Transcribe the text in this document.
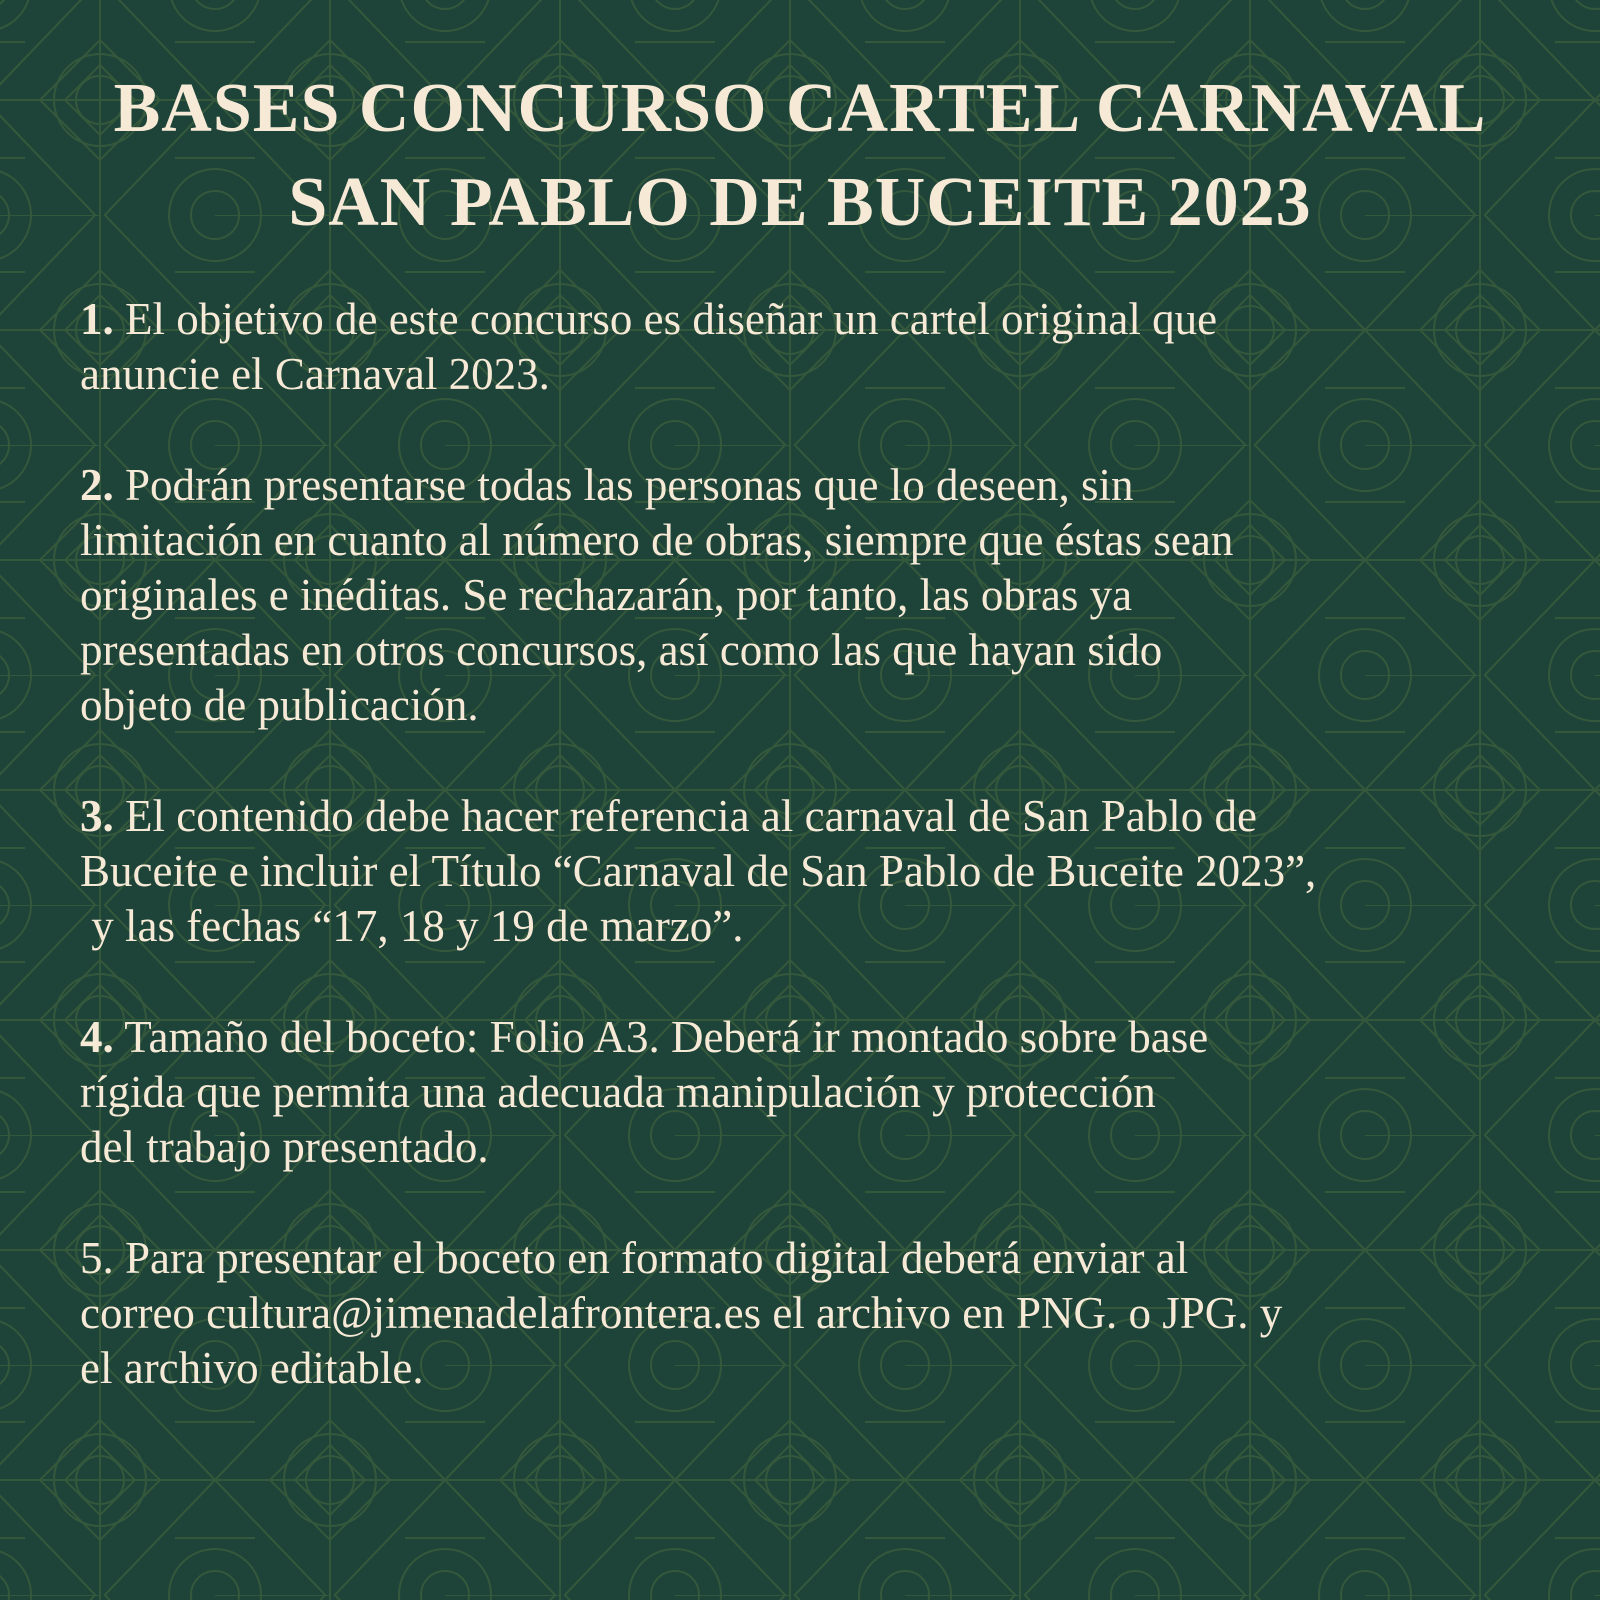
BASES CONCURSO CARTEL CARNAVAL
SAN PABLO DE BUCEITE 2023
1. El objetivo de este concurso es diseñar un cartel original que
anuncie el Carnaval 2023.
2. Podrán presentarse todas las personas que lo deseen, sin
limitación en cuanto al número de obras, siempre que éstas sean
originales e inéditas. Se rechazarán, por tanto, las obras ya
presentadas en otros concursos, así como las que hayan sido
objeto de publicación.
3. El contenido debe hacer referencia al carnaval de San Pablo de
Buceite e incluir el Título “Carnaval de San Pablo de Buceite 2023”,
y las fechas “17, 18 y 19 de marzo”.
4. Tamaño del boceto: Folio A3. Deberá ir montado sobre base
rígida que permita una adecuada manipulación y protección
del trabajo presentado.
5. Para presentar el boceto en formato digital deberá enviar al
correo cultura@jimenadelafrontera.es el archivo en PNG. o JPG. y
el archivo editable.
